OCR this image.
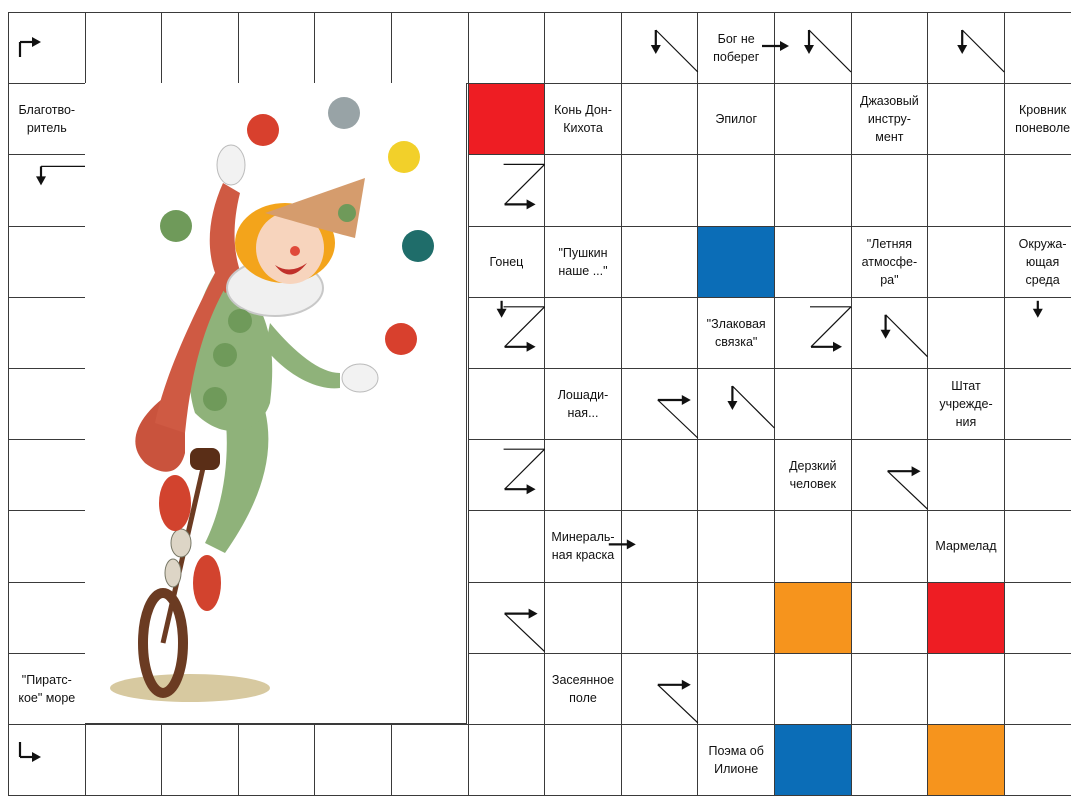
Бог не
поберег
Благотво-
ритель
Конь Дон-
Кихота
Эпилог
Джазовый
инстру-
мент
Кровник
поневоле
Гонец
"Пушкин
наше ..."
"Летняя
атмосфе-
ра"
Окружа-
ющая
среда
"Злаковая
связка"
Лошади-
ная...
Штат
учрежде-
ния
Дерзкий
человек
Минераль-
ная краска
Мармелад
"Пиратс-
кое" море
Засеянное
поле
Поэма об
Илионе
